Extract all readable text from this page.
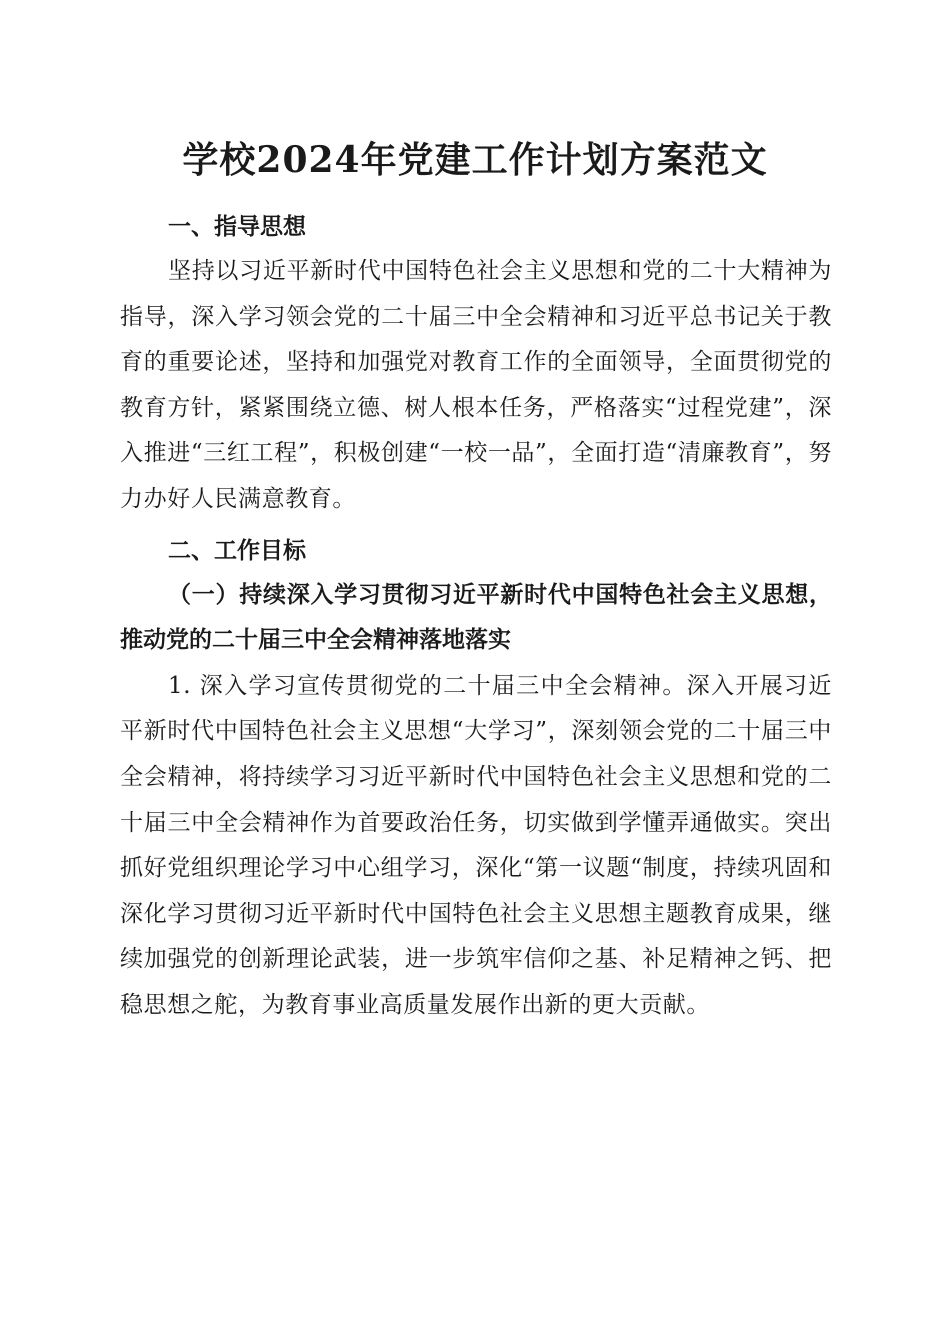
学校2024年党建工作计划方案范文

一、指导思想

坚持以习近平新时代中国特色社会主义思想和党的二十大精神为指导，深入学习领会党的二十届三中全会精神和习近平总书记关于教育的重要论述，坚持和加强党对教育工作的全面领导，全面贯彻党的教育方针，紧紧围绕立德、树人根本任务，严格落实“过程党建”，深入推进“三红工程”，积极创建“一校一品”，全面打造“清廉教育”，努力办好人民满意教育。

二、工作目标

（一）持续深入学习贯彻习近平新时代中国特色社会主义思想，推动党的二十届三中全会精神落地落实

1. 深入学习宣传贯彻党的二十届三中全会精神。深入开展习近平新时代中国特色社会主义思想“大学习”，深刻领会党的二十届三中全会精神，将持续学习习近平新时代中国特色社会主义思想和党的二十届三中全会精神作为首要政治任务，切实做到学懂弄通做实。突出抓好党组织理论学习中心组学习，深化“第一议题“制度，持续巩固和深化学习贯彻习近平新时代中国特色社会主义思想主题教育成果，继续加强党的创新理论武装，进一步筑牢信仰之基、补足精神之钙、把稳思想之舵，为教育事业高质量发展作出新的更大贡献。
